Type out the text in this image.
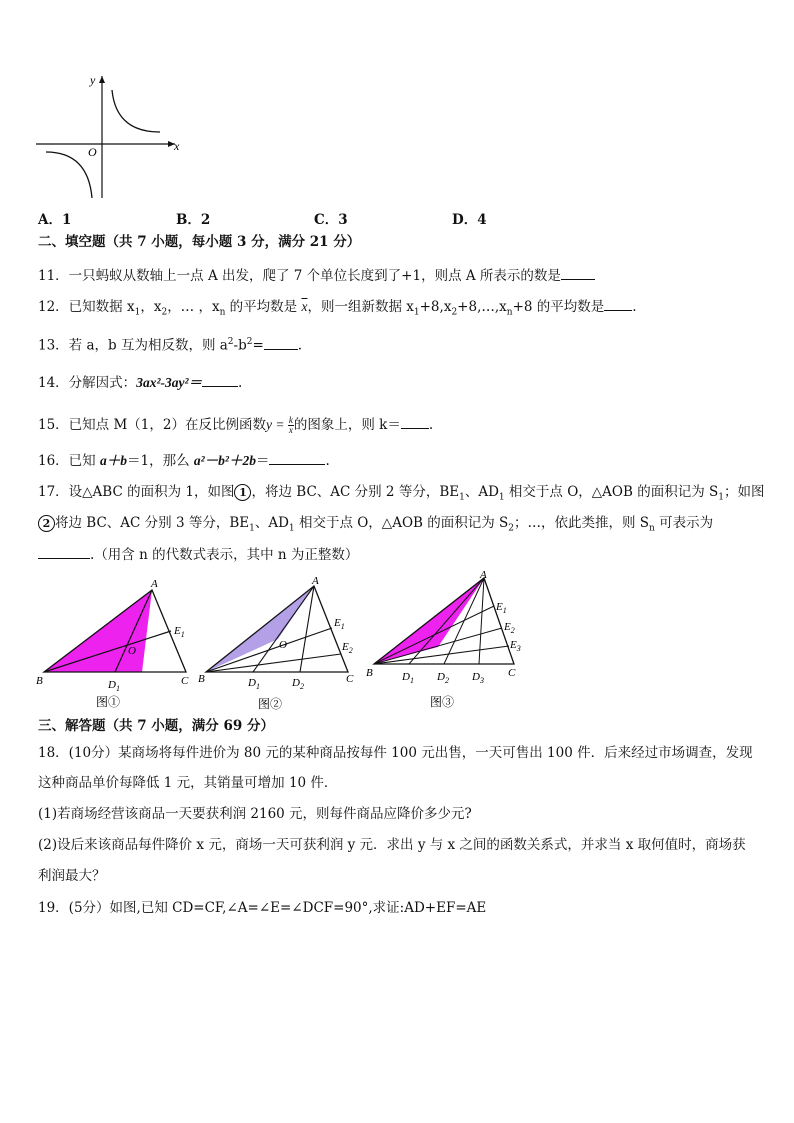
x
y
O
A．1	B．2	C．3	D．4
二、填空题（共 7 小题，每小题 3 分，满分 21 分）
11．一只蚂蚁从数轴上一点 A 出发，爬了 7 个单位长度到了+1，则点 A 所表示的数是
12．已知数据 $x_1$，$x_2$，… ，$x_n$ 的平均数是 $\overline{x}$，则一组新数据 $x_1+8,x_2+8,\dots,x_n+8$ 的平均数是 .
13．若 a，b 互为相反数，则 $a^2-b^2=$	.
14．分解因式：3ax²-3ay²＝	.
15．已知点 M（1，2）在反比例函数$y = \frac{k}{x}$ 的图象上，则 k＝ .
16．已知 a＋b＝1，那么 a²－b²＋2b＝	.
17．设△ABC 的面积为 1，如图 1 ，将边 BC、AC 分别 2 等分，$BE_1$、$AD_1$ 相交于点 O，△AOB 的面积记为 $S_1$；如图
2 将边 BC、AC 分别 3 等分，$BE_1$、$AD_1$ 相交于点 O，△AOB 的面积记为 $S_2$；…，依此类推，则 $S_n$ 可表示为
.（用含 n 的代数式表示，其中 n 为正整数）
图①
A
B	C
O
$E_1$
$D_1$
图②
A
B	C
O
$E_1$
$E_2$
$D_1$	$D_2$
图③
A
B	C
$E_1$
$E_2$
$E_3$
$D_1$ $D_2$ $D_3$
三、解答题（共 7 小题，满分 69 分）
18．(10分）某商场将每件进价为 80 元的某种商品按每件 100 元出售，一天可售出 100 件．后来经过市场调查，发现
这种商品单价每降低 1 元，其销量可增加 10 件．
(1)若商场经营该商品一天要获利润 2160 元，则每件商品应降价多少元?
(2)设后来该商品每件降价 x 元，商场一天可获利润 y 元．求出 y 与 x 之间的函数关系式，并求当 x 取何值时，商场获
利润最大？
19．(5分）如图,已知 CD=CF,∠A=∠E=∠DCF=90°,求证:AD+EF=AE
